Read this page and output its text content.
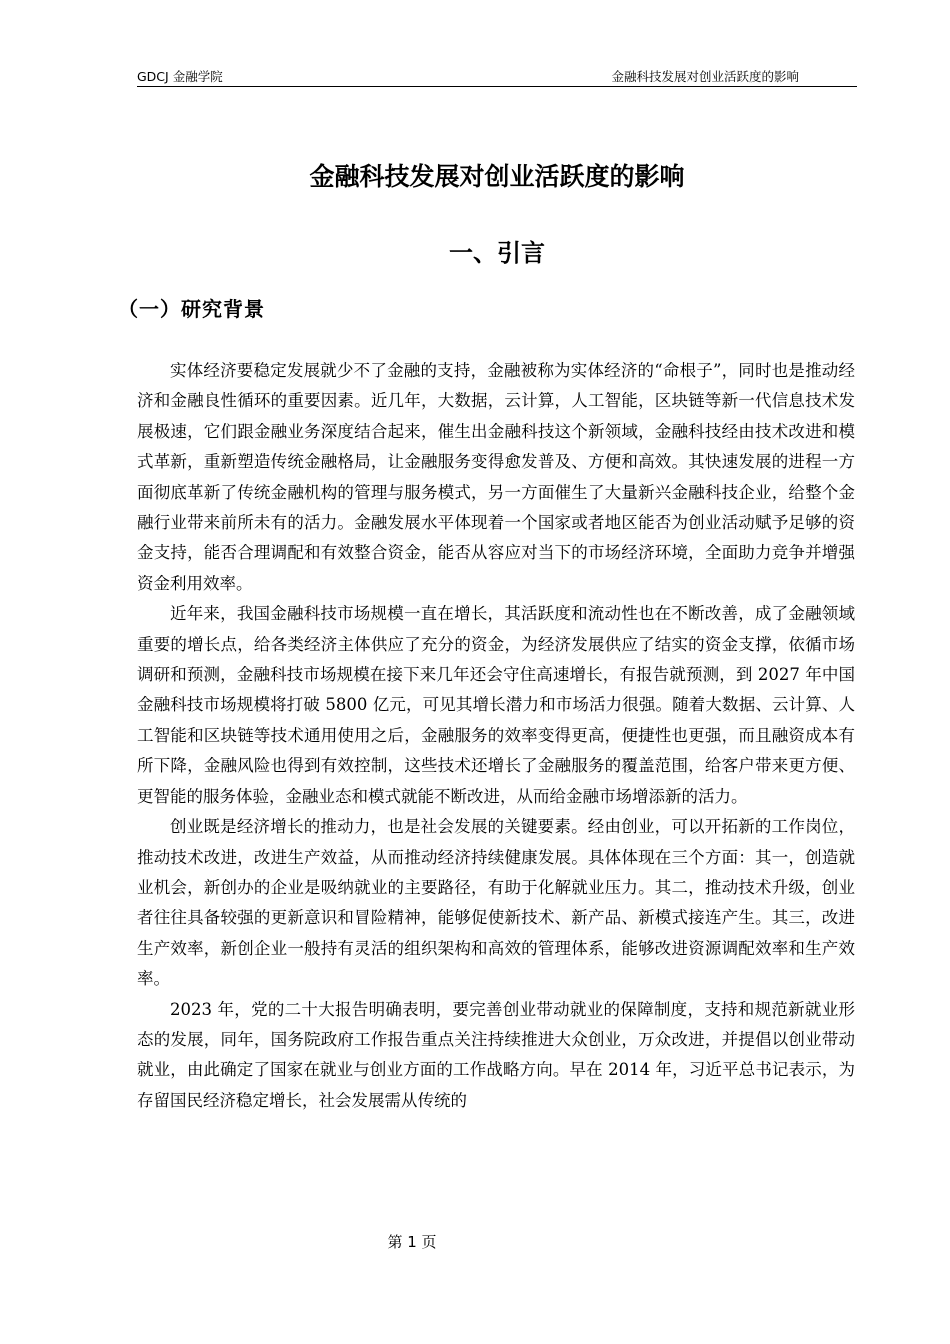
GDCJ 金融学院	金融科技发展对创业活跃度的影响
金融科技发展对创业活跃度的影响
一、引言
（一）研究背景

实体经济要稳定发展就少不了金融的支持，金融被称为实体经济的“命根子”，同时也是推动经济和金融良性循环的重要因素。近几年，大数据，云计算，人工智能，区块链等新一代信息技术发展极速，它们跟金融业务深度结合起来，催生出金融科技这个新领域，金融科技经由技术改进和模式革新，重新塑造传统金融格局，让金融服务变得愈发普及、方便和高效。其快速发展的进程一方面彻底革新了传统金融机构的管理与服务模式，另一方面催生了大量新兴金融科技企业，给整个金融行业带来前所未有的活力。金融发展水平体现着一个国家或者地区能否为创业活动赋予足够的资金支持，能否合理调配和有效整合资金，能否从容应对当下的市场经济环境，全面助力竞争并增强资金利用效率。

近年来，我国金融科技市场规模一直在增长，其活跃度和流动性也在不断改善，成了金融领域重要的增长点，给各类经济主体供应了充分的资金，为经济发展供应了结实的资金支撑，依循市场调研和预测，金融科技市场规模在接下来几年还会守住高速增长，有报告就预测，到 2027 年中国金融科技市场规模将打破 5800 亿元，可见其增长潜力和市场活力很强。随着大数据、云计算、人工智能和区块链等技术通用使用之后，金融服务的效率变得更高，便捷性也更强，而且融资成本有所下降，金融风险也得到有效控制，这些技术还增长了金融服务的覆盖范围，给客户带来更方便、更智能的服务体验，金融业态和模式就能不断改进，从而给金融市场增添新的活力。

创业既是经济增长的推动力，也是社会发展的关键要素。经由创业，可以开拓新的工作岗位，推动技术改进，改进生产效益，从而推动经济持续健康发展。具体体现在三个方面：其一，创造就业机会，新创办的企业是吸纳就业的主要路径，有助于化解就业压力。其二，推动技术升级，创业者往往具备较强的更新意识和冒险精神，能够促使新技术、新产品、新模式接连产生。其三，改进生产效率，新创企业一般持有灵活的组织架构和高效的管理体系，能够改进资源调配效率和生产效率。

2023 年，党的二十大报告明确表明，要完善创业带动就业的保障制度，支持和规范新就业形态的发展，同年，国务院政府工作报告重点关注持续推进大众创业，万众改进，并提倡以创业带动就业，由此确定了国家在就业与创业方面的工作战略方向。早在 2014 年，习近平总书记表示，为存留国民经济稳定增长，社会发展需从传统的

第 1 页
